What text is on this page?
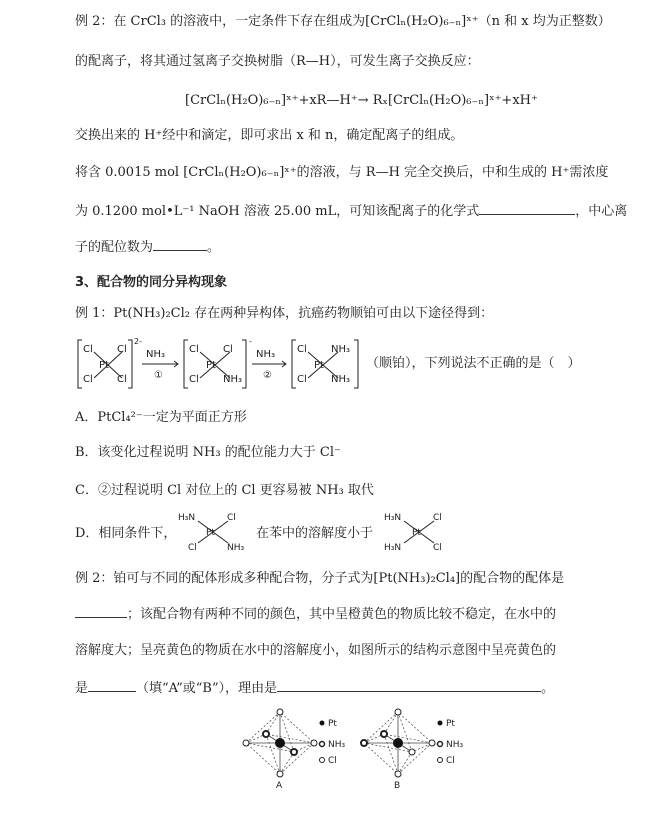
例 2：在 CrCl₃ 的溶液中，一定条件下存在组成为[CrClₙ(H₂O)₆₋ₙ]ˣ⁺（n 和 x 均为正整数）
的配离子，将其通过氢离子交换树脂（R—H），可发生离子交换反应：
[CrClₙ(H₂O)₆₋ₙ]ˣ⁺+xR—H⁺→ Rₓ[CrClₙ(H₂O)₆₋ₙ]ˣ⁺+xH⁺
交换出来的 H⁺经中和滴定，即可求出 x 和 n，确定配离子的组成。
将含 0.0015 mol [CrClₙ(H₂O)₆₋ₙ]ˣ⁺的溶液，与 R—H 完全交换后，中和生成的 H⁺需浓度
为 0.1200 mol•L⁻¹ NaOH 溶液 25.00 mL，可知该配离子的化学式	，中心离
子的配位数为	。
3、配合物的同分异构现象
例 1：Pt(NH₃)₂Cl₂ 存在两种异构体，抗癌药物顺铂可由以下途径得到：
Cl Cl
Pt
Cl Cl
2-
NH₃
①
Cl Cl
Pt
Cl NH₃
-
NH₃
②
Cl NH₃
Pt
Cl NH₃
（顺铂），下列说法不正确的是（　）
A．PtCl₄²⁻一定为平面正方形
B．该变化过程说明 NH₃ 的配位能力大于 Cl⁻
C．②过程说明 Cl 对位上的 Cl 更容易被 NH₃ 取代
D．相同条件下，
H₃N	Cl
Pt
Cl	NH₃
在苯中的溶解度小于
H₃N	Cl
Pt
H₃N	Cl
例 2：铂可与不同的配体形成多种配合物，分子式为[Pt(NH₃)₂Cl₄]的配合物的配体是
；该配合物有两种不同的颜色，其中呈橙黄色的物质比较不稳定，在水中的
溶解度大；呈亮黄色的物质在水中的溶解度小，如图所示的结构示意图中呈亮黄色的
是	（填“A”或“B”），理由是	。
Pt
NH₃
Cl
A
Pt
NH₃
Cl
B
